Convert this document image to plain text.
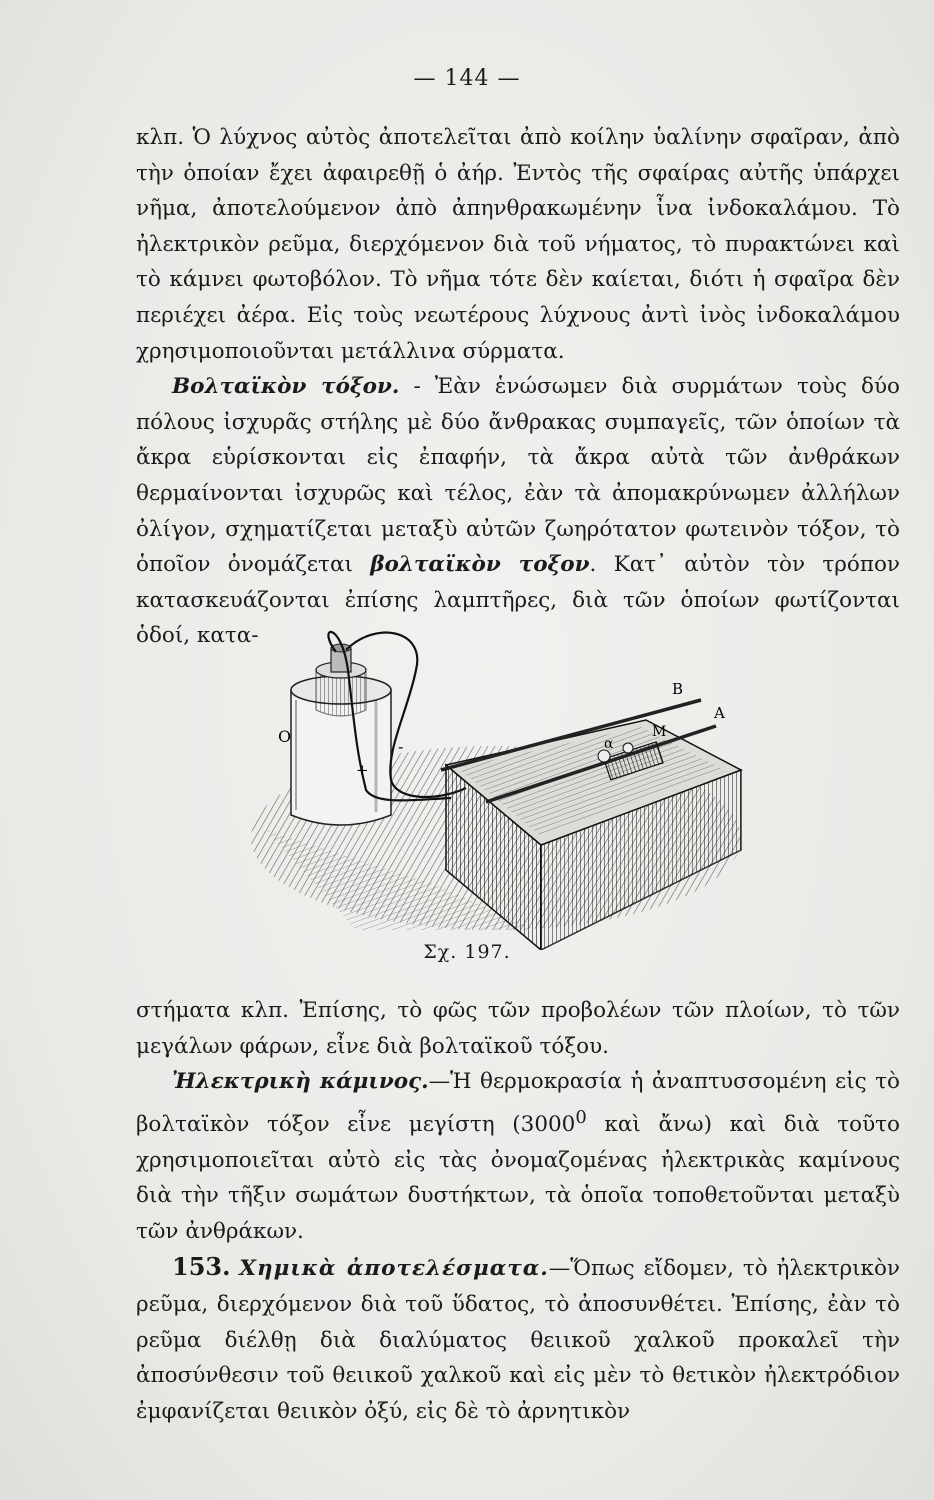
— 144 —

κλπ. Ὁ λύχνος αὐτὸς ἀποτελεῖται ἀπὸ κοίλην ὑαλίνην σφαῖραν, ἀπὸ τὴν ὁποίαν ἔχει ἀφαιρεθῇ ὁ ἀήρ. Ἐντὸς τῆς σφαίρας αὐτῆς ὑπάρχει νῆμα, ἀποτελούμενον ἀπὸ ἀπηνθρακωμένην ἶνα ἰνδοκαλάμου. Τὸ ἠλεκτρικὸν ρεῦμα, διερχόμενον διὰ τοῦ νήματος, τὸ πυρακτώνει καὶ τὸ κάμνει φωτοβόλον. Τὸ νῆμα τότε δὲν καίεται, διότι ἡ σφαῖρα δὲν περιέχει ἀέρα. Εἰς τοὺς νεωτέρους λύχνους ἀντὶ ἰνὸς ἰνδοκαλάμου χρησιμοποιοῦνται μετάλλινα σύρματα.

Βολταϊκὸν τόξον. - Ἐὰν ἑνώσωμεν διὰ συρμάτων τοὺς δύο πόλους ἰσχυρᾶς στήλης μὲ δύο ἄνθρακας συμπαγεῖς, τῶν ὁποίων τὰ ἄκρα εὑρίσκονται εἰς ἐπαφήν, τὰ ἄκρα αὐτὰ τῶν ἀνθράκων θερμαίνονται ἰσχυρῶς καὶ τέλος, ἐὰν τὰ ἀπομακρύνωμεν ἀλλήλων ὀλίγον, σχηματίζεται μεταξὺ αὐτῶν ζωηρότατον φωτεινὸν τόξον, τὸ ὁποῖον ὀνομάζεται βολταϊκὸν τοξον. Κατ᾽ αὐτὸν τὸν τρόπον κατασκευάζονται ἐπίσης λαμπτῆρες, διὰ τῶν ὁποίων φωτίζονται ὁδοί, κατα-

O
B
A
M
α
+
-
Σχ. 197.

στήματα κλπ. Ἐπίσης, τὸ φῶς τῶν προβολέων τῶν πλοίων, τὸ τῶν μεγάλων φάρων, εἶνε διὰ βολταϊκοῦ τόξου.

Ἠλεκτρικὴ κάμινος.—Ἡ θερμοκρασία ἡ ἀναπτυσσομένη εἰς τὸ βολταϊκὸν τόξον εἶνε μεγίστη (3000$^0$ καὶ ἄνω) καὶ διὰ τοῦτο χρησιμοποιεῖται αὐτὸ εἰς τὰς ὀνομαζομένας ἠλεκτρικὰς καμίνους διὰ τὴν τῆξιν σωμάτων δυστήκτων, τὰ ὁποῖα τοποθετοῦνται μεταξὺ τῶν ἀνθράκων.

153. Χημικὰ ἀποτελέσματα.—Ὅπως εἴδομεν, τὸ ἠλεκτρικὸν ρεῦμα, διερχόμενον διὰ τοῦ ὕδατος, τὸ ἀποσυνθέτει. Ἐπίσης, ἐὰν τὸ ρεῦμα διέλθῃ διὰ διαλύματος θειικοῦ χαλκοῦ προκαλεῖ τὴν ἀποσύνθεσιν τοῦ θειικοῦ χαλκοῦ καὶ εἰς μὲν τὸ θετικὸν ἠλεκτρόδιον ἐμφανίζεται θειικὸν ὀξύ, εἰς δὲ τὸ ἀρνητικὸν
